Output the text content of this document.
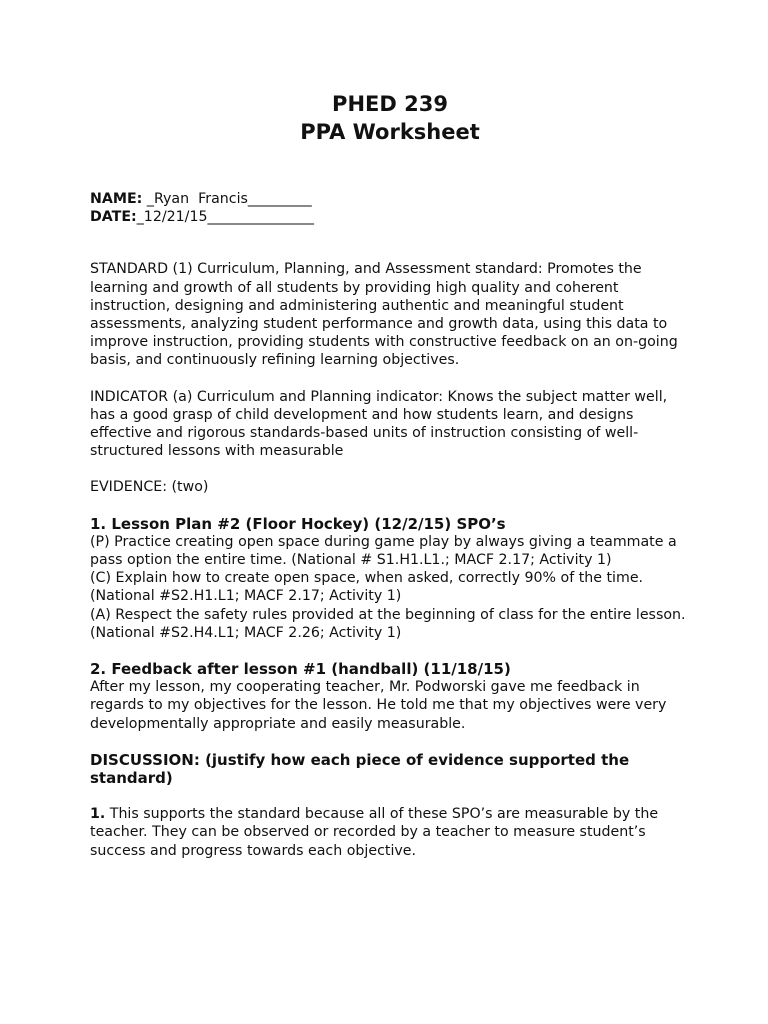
PHED 239
PPA Worksheet
NAME: _Ryan  Francis_________
DATE:_12/21/15_______________

STANDARD (1) Curriculum, Planning, and Assessment standard: Promotes the learning and growth of all students by providing high quality and coherent instruction, designing and administering authentic and meaningful student assessments, analyzing student performance and growth data, using this data to improve instruction, providing students with constructive feedback on an on-going basis, and continuously refining learning objectives.

INDICATOR (a) Curriculum and Planning indicator: Knows the subject matter well, has a good grasp of child development and how students learn, and designs effective and rigorous standards-based units of instruction consisting of well-structured lessons with measurable

EVIDENCE: (two)

1. Lesson Plan #2 (Floor Hockey) (12/2/15) SPO’s
(P) Practice creating open space during game play by always giving a teammate a pass option the entire time. (National # S1.H1.L1.; MACF 2.17; Activity 1)
(C) Explain how to create open space, when asked, correctly 90% of the time. (National #S2.H1.L1; MACF 2.17; Activity 1)
(A) Respect the safety rules provided at the beginning of class for the entire lesson. (National #S2.H4.L1; MACF 2.26; Activity 1)
2. Feedback after lesson #1 (handball) (11/18/15)
After my lesson, my cooperating teacher, Mr. Podworski gave me feedback in regards to my objectives for the lesson. He told me that my objectives were very developmentally appropriate and easily measurable.

DISCUSSION: (justify how each piece of evidence supported the standard)

1. This supports the standard because all of these SPO’s are measurable by the teacher. They can be observed or recorded by a teacher to measure student’s success and progress towards each objective.
